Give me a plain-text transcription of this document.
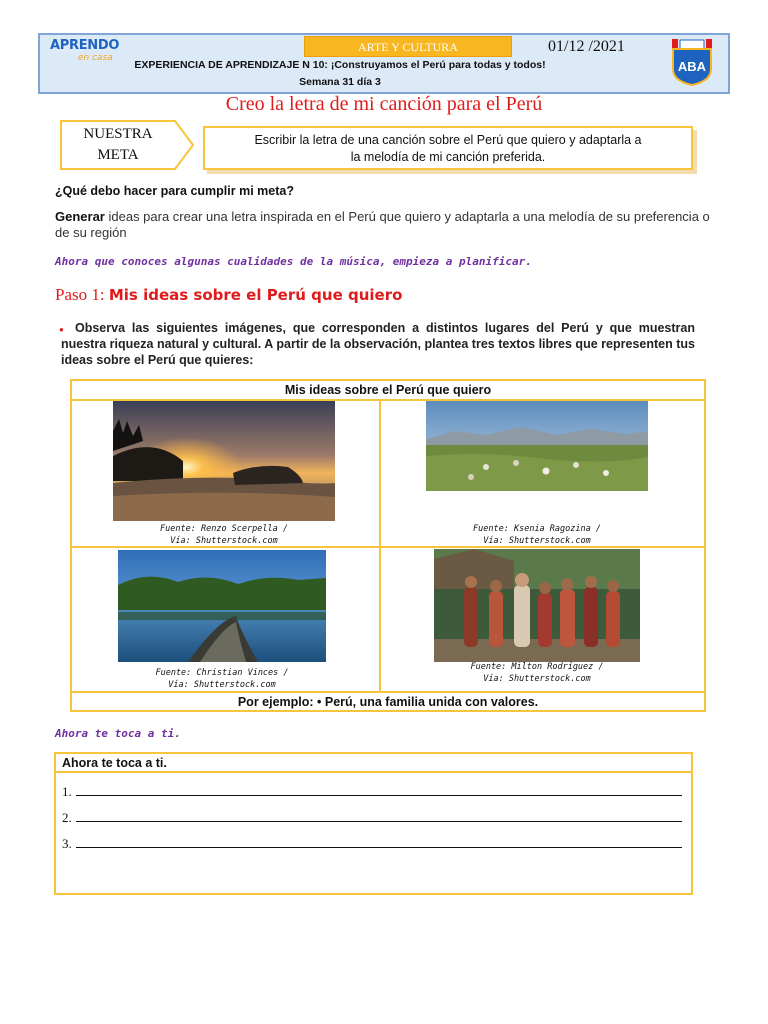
APRENDO
en casa
ARTE Y CULTURA	01/12 /2021
EXPERIENCIA DE APRENDIZAJE N 10: ¡Construyamos el Perú para todas y todos!
Semana 31 día 3
ABA
Creo la letra de mi canción para el Perú
NUESTRA
META
Escribir la letra de una canción sobre el Perú que quiero y adaptarla a
la melodía de mi canción preferida.
¿Qué debo hacer para cumplir mi meta?
Generar ideas para crear una letra inspirada en el Perú que quiero y adaptarla a una melodía de su preferencia o de su región
Ahora que conoces algunas cualidades de la música, empieza a planificar.
Paso 1: Mis ideas sobre el Perú que quiero
● Observa las siguientes imágenes, que corresponden a distintos lugares del Perú y que muestran nuestra riqueza natural y cultural. A partir de la observación, plantea tres textos libres que representen tus ideas sobre el Perú que quieres:
Mis ideas sobre el Perú que quiero
Fuente: Renzo Scerpella /
Vía: Shutterstock.com
Fuente: Ksenia Ragozina /
Vía: Shutterstock.com
Fuente: Christian Vinces /
Vía: Shutterstock.com
Fuente: Milton Rodríguez /
Vía: Shutterstock.com
Por ejemplo: • Perú, una familia unida con valores.
Ahora te toca a ti.
Ahora te toca a ti.
1.
2.
3.
